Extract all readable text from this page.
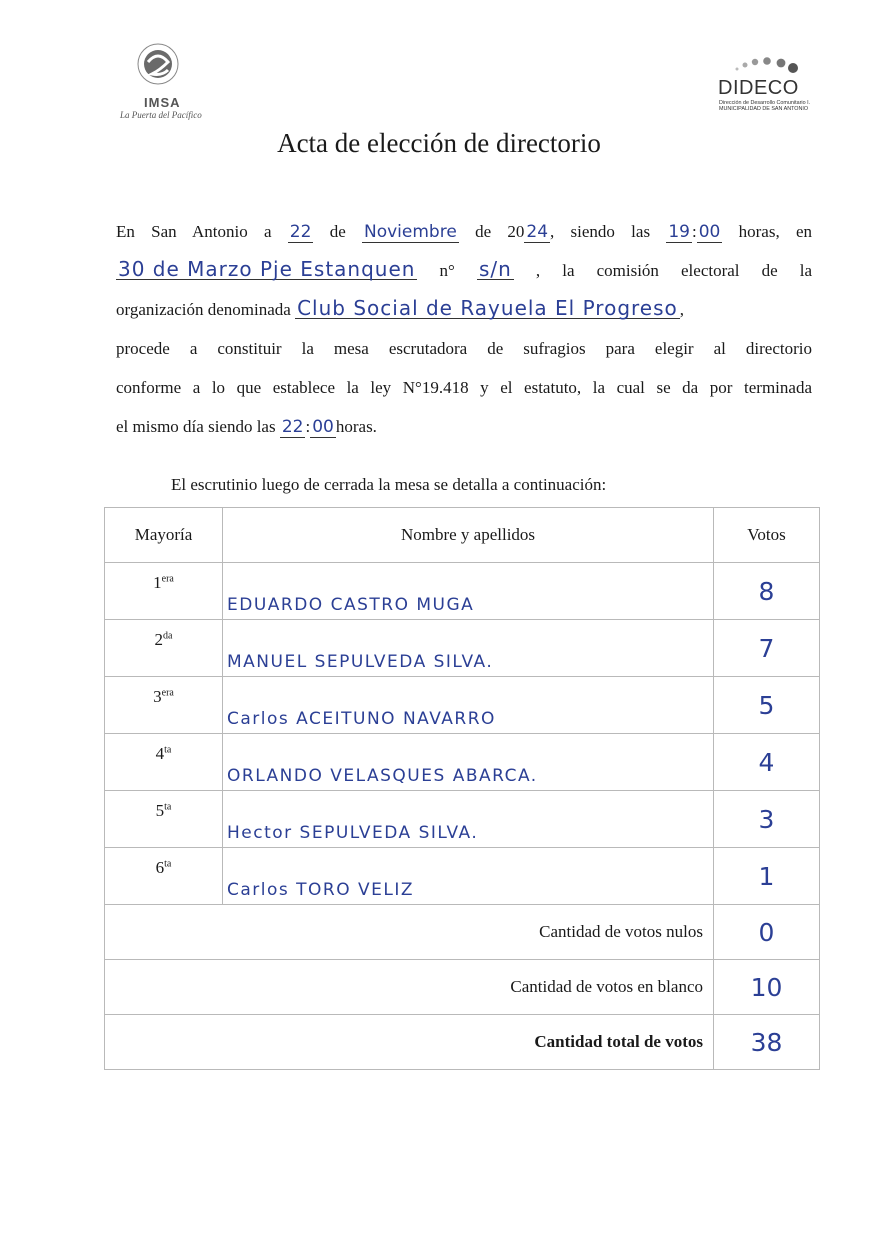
IMSA
La Puerta del Pacífico
DIDECO
Dirección de Desarrollo Comunitario I. MUNICIPALIDAD DE SAN ANTONIO
Acta de elección de directorio
En San Antonio a 22 de Noviembre de 20 24 , siendo las 19 : 00 horas, en
30 de Marzo Pje Estanquen n° s/n , la comisión electoral de la
organización denominada Club Social de Rayuela El Progreso ,
procede a constituir la mesa escrutadora de sufragios para elegir al directorio
conforme a lo que establece la ley N°19.418 y el estatuto, la cual se da por terminada
el mismo día siendo las 22 : 00 horas.
El escrutinio luego de cerrada la mesa se detalla a continuación:
Mayoría	Nombre y apellidos	Votos
$1^{era}$	EDUARDO CASTRO MUGA	8
$2^{da}$	MANUEL SEPULVEDA SILVA.	7
$3^{era}$	Carlos ACEITUNO NAVARRO	5
$4^{ta}$	ORLANDO VELASQUES ABARCA.	4
$5^{ta}$	Hector SEPULVEDA SILVA.	3
$6^{ta}$	Carlos TORO VELIZ	1
Cantidad de votos nulos		0
Cantidad de votos en blanco		10
Cantidad total de votos		38
